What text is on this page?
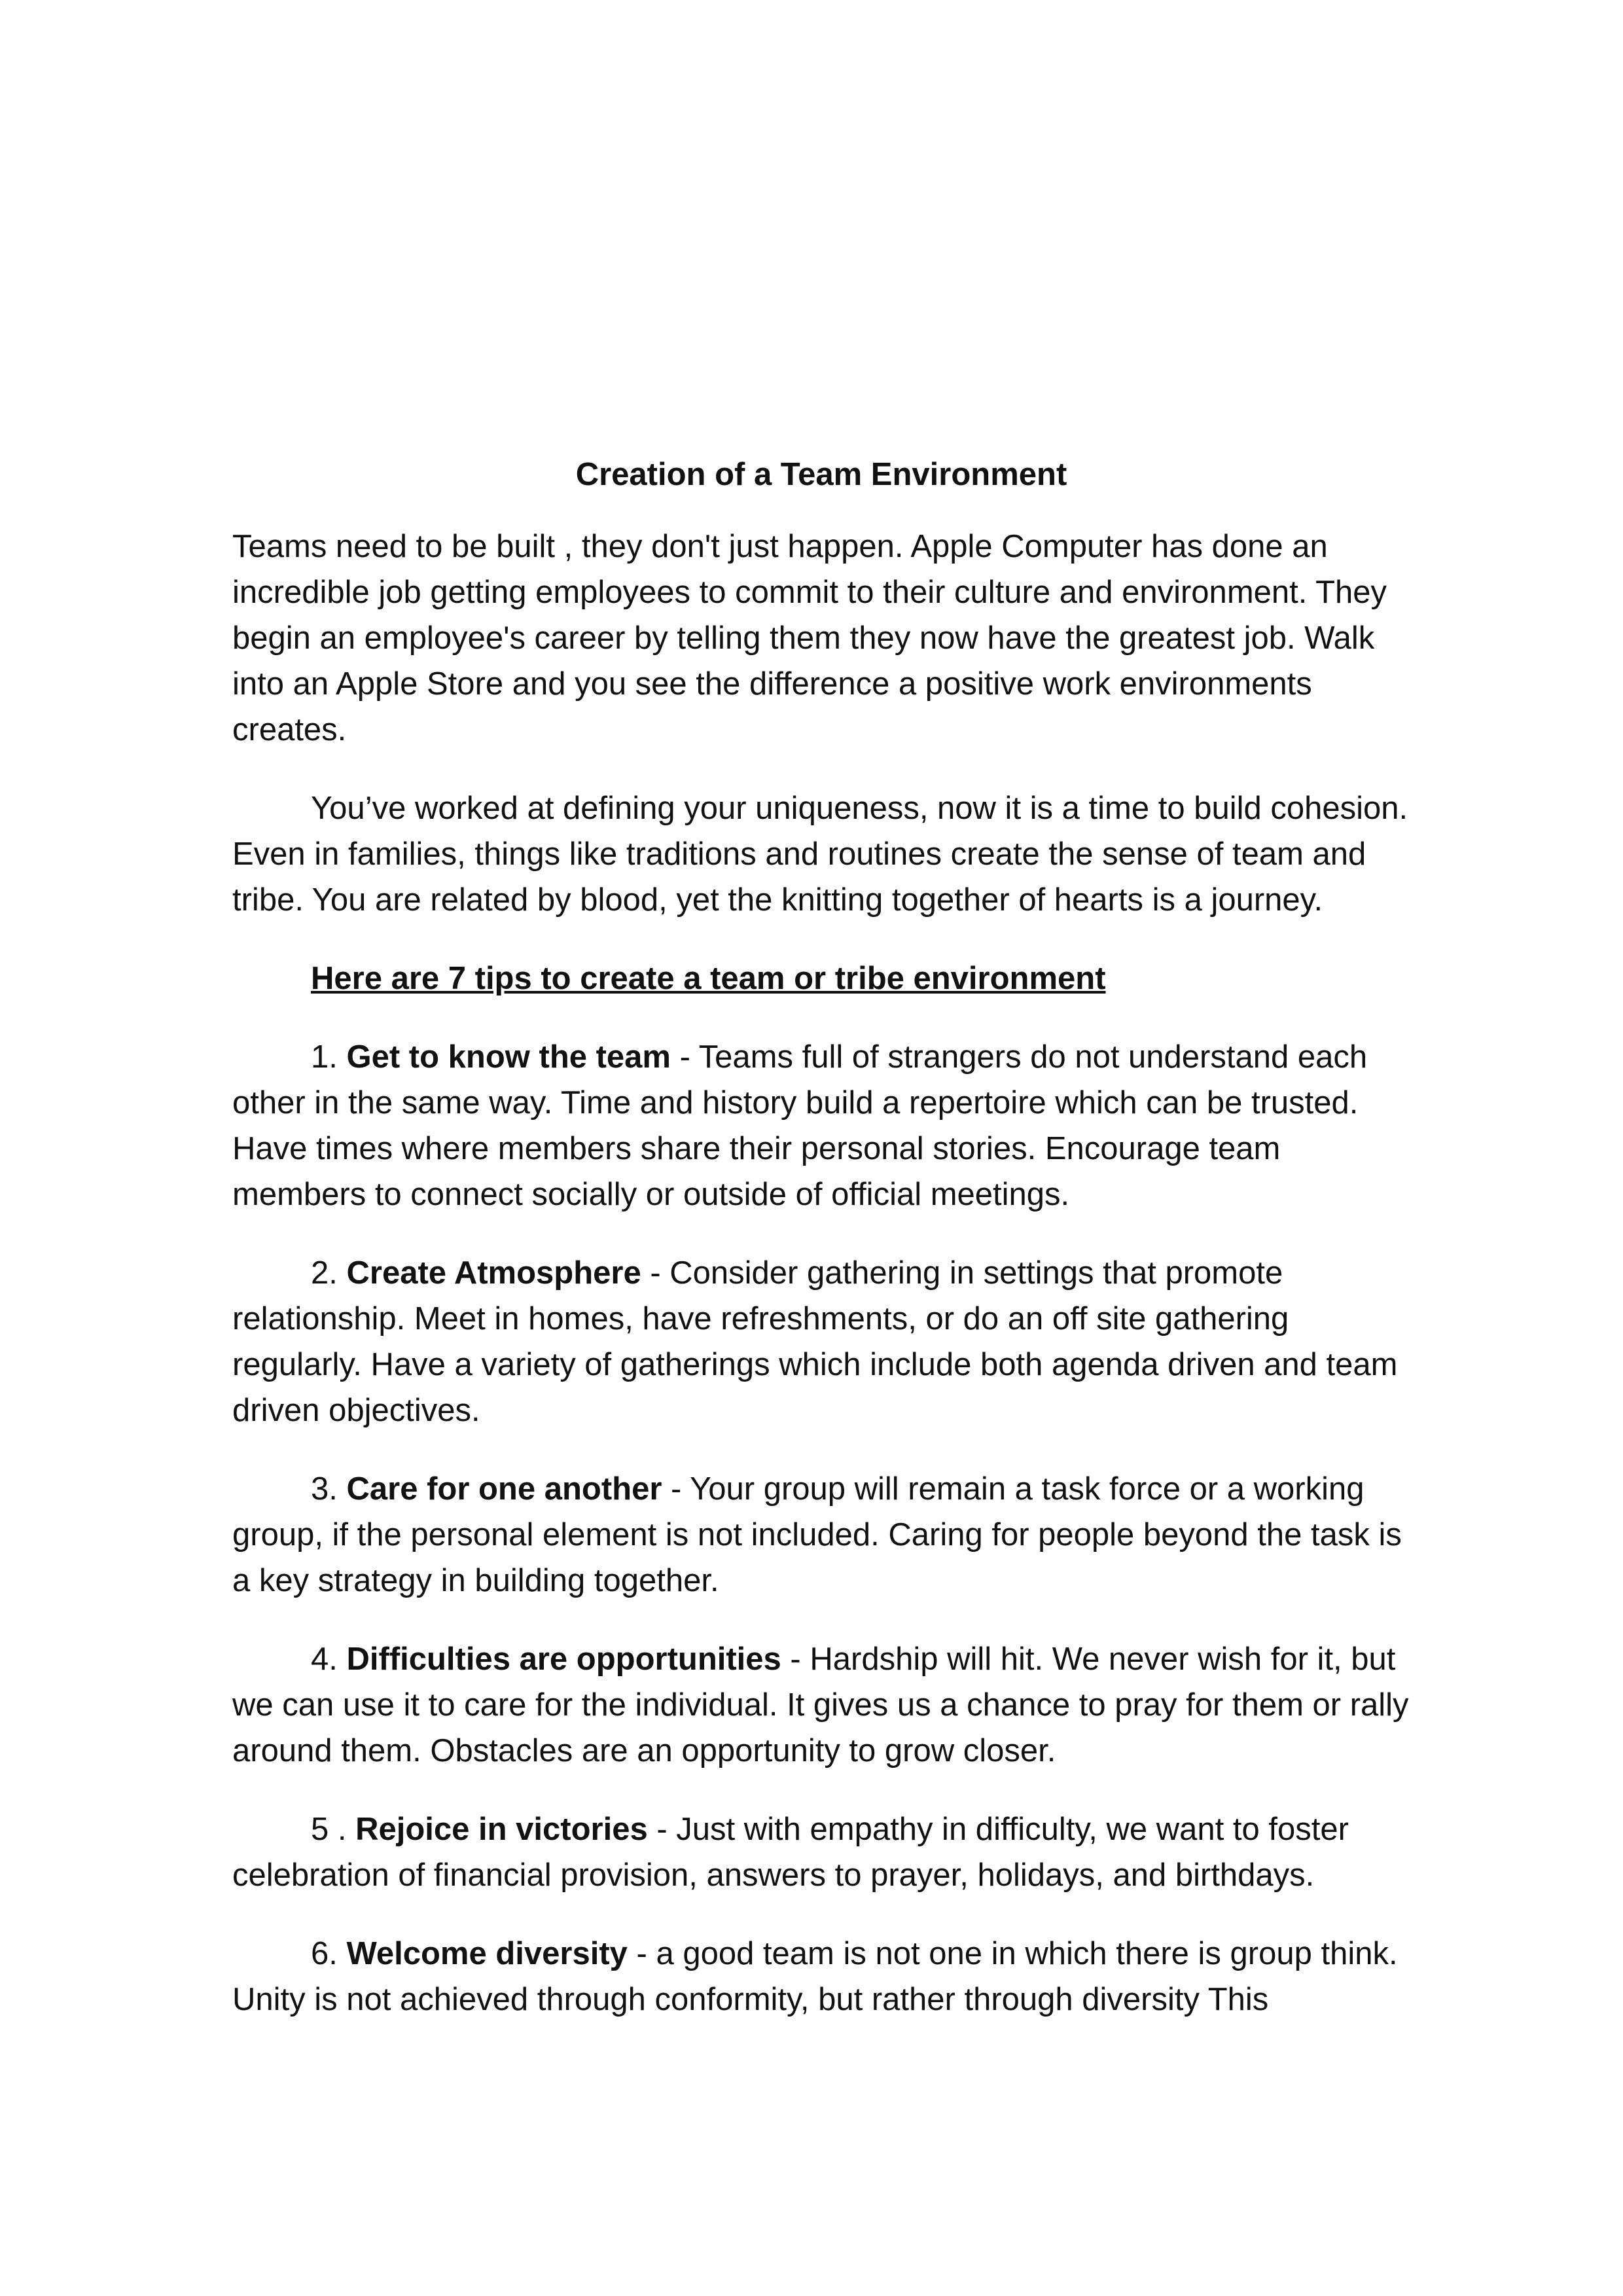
Creation of a Team Environment

Teams need to be built , they don't just happen. Apple Computer has done an incredible job getting employees to commit to their culture and environment. They begin an employee's career by telling them they now have the greatest job. Walk into an Apple Store and you see the difference a positive work environments creates.

You’ve worked at defining your uniqueness, now it is a time to build cohesion. Even in families, things like traditions and routines create the sense of team and tribe. You are related by blood, yet the knitting together of hearts is a journey.

Here are 7 tips to create a team or tribe environment

1. Get to know the team - Teams full of strangers do not understand each other in the same way. Time and history build a repertoire which can be trusted. Have times where members share their personal stories. Encourage team members to connect socially or outside of official meetings.

2. Create Atmosphere - Consider gathering in settings that promote relationship. Meet in homes, have refreshments, or do an off site gathering regularly. Have a variety of gatherings which include both agenda driven and team driven objectives.

3. Care for one another - Your group will remain a task force or a working group, if the personal element is not included. Caring for people beyond the task is a key strategy in building together.

4. Difficulties are opportunities - Hardship will hit. We never wish for it, but we can use it to care for the individual. It gives us a chance to pray for them or rally around them. Obstacles are an opportunity to grow closer.

5 . Rejoice in victories - Just with empathy in difficulty, we want to foster celebration of financial provision, answers to prayer, holidays, and birthdays.

6. Welcome diversity - a good team is not one in which there is group think. Unity is not achieved through conformity, but rather through diversity This
